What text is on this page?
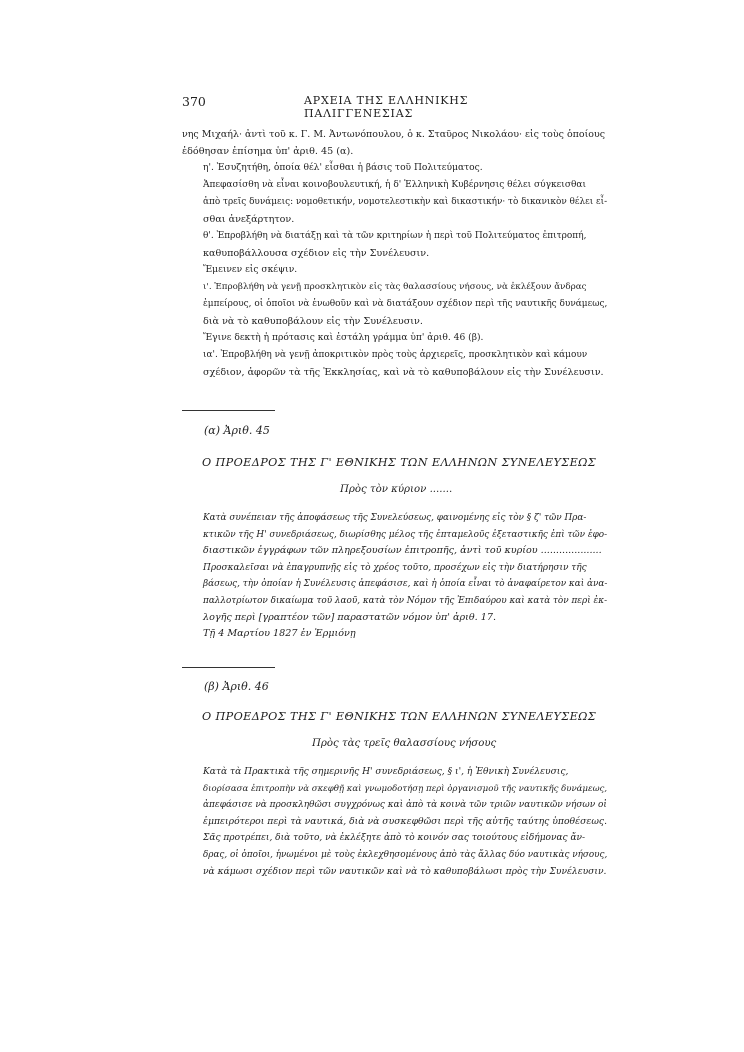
370	ΑΡΧΕΙΑ ΤΗΣ ΕΛΛΗΝΙΚΗΣ ΠΑΛΙΓΓΕΝΕΣΙΑΣ
νης Μιχαήλ· ἀντὶ τοῦ κ. Γ. Μ. Ἀντωνόπουλου, ὁ κ. Σταῦρος Νικολάου· εἰς τοὺς ὁποίους
ἐδόθησαν ἐπίσημα ὑπ' ἀριθ. 45 (α).
η'. Ἐσυζητήθη, ὁποία θέλ' εἶσθαι ἡ βάσις τοῦ Πολιτεύματος.
Ἀπεφασίσθη νὰ εἶναι κοινοβουλευτική, ἡ δ' Ἑλληνικὴ Κυβέρνησις θέλει σύγκεισθαι
ἀπὸ τρεῖς δυνάμεις: νομοθετικήν, νομοτελεστικὴν καὶ δικαστικήν· τὸ δικανικὸν θέλει εἶ-
σθαι ἀνεξάρτητον.
θ'. Ἐπροβλήθη νὰ διατάξῃ καὶ τὰ τῶν κριτηρίων ἡ περὶ τοῦ Πολιτεύματος ἐπιτροπή,
καθυποβάλλουσα σχέδιον εἰς τὴν Συνέλευσιν.
Ἔμεινεν εἰς σκέψιν.
ι'. Ἐπροβλήθη νὰ γενῇ προσκλητικὸν εἰς τὰς θαλασσίους νήσους, νὰ ἐκλέξουν ἄνδρας
ἐμπείρους, οἱ ὁποῖοι νὰ ἑνωθοῦν καὶ νὰ διατάξουν σχέδιον περὶ τῆς ναυτικῆς δυνάμεως,
διὰ νὰ τὸ καθυποβάλουν εἰς τὴν Συνέλευσιν.
Ἔγινε δεκτὴ ἡ πρότασις καὶ ἐστάλη γράμμα ὑπ' ἀριθ. 46 (β).
ια'. Ἐπροβλήθη νὰ γενῇ ἀποκριτικὸν πρὸς τοὺς ἀρχιερεῖς, προσκλητικὸν καὶ κάμουν
σχέδιον, ἀφορῶν τὰ τῆς Ἐκκλησίας, καὶ νὰ τὸ καθυποβάλουν εἰς τὴν Συνέλευσιν.
(α) Ἀριθ. 45
Ο ΠΡΟΕΔΡΟΣ ΤΗΣ Γ' ΕΘΝΙΚΗΣ ΤΩΝ ΕΛΛΗΝΩΝ ΣΥΝΕΛΕΥΣΕΩΣ
Πρὸς τὸν κύριον .......
Κατὰ συνέπειαν τῆς ἀποφάσεως τῆς Συνελεύσεως, φαινομένης εἰς τὸν § ζ' τῶν Πρα-
κτικῶν τῆς Η' συνεδριάσεως, διωρίσθης μέλος τῆς ἐπταμελοῦς ἐξεταστικῆς ἐπὶ τῶν ἐφο-
διαστικῶν ἐγγράφων τῶν πληρεξουσίων ἐπιτροπῆς, ἀντὶ τοῦ κυρίου ....................
Προσκαλεῖσαι νὰ ἐπαγρυπνῇς εἰς τὸ χρέος τοῦτο, προσέχων εἰς τὴν διατήρησιν τῆς
βάσεως, τὴν ὁποίαν ἡ Συνέλευσις ἀπεφάσισε, καὶ ἡ ὁποία εἶναι τὸ ἀναφαίρετον καὶ ἀνα-
παλλοτρίωτον δικαίωμα τοῦ λαοῦ, κατὰ τὸν Νόμον τῆς Ἐπιδαύρου καὶ κατὰ τὸν περὶ ἐκ-
λογῆς περὶ [γραπτέον τῶν] παραστατῶν νόμον ὑπ' ἀριθ. 17.
Τῇ 4 Μαρτίου 1827 ἐν Ἑρμιόνῃ
(β) Ἀριθ. 46
Ο ΠΡΟΕΔΡΟΣ ΤΗΣ Γ' ΕΘΝΙΚΗΣ ΤΩΝ ΕΛΛΗΝΩΝ ΣΥΝΕΛΕΥΣΕΩΣ
Πρὸς τὰς τρεῖς θαλασσίους νήσους
Κατὰ τὰ Πρακτικὰ τῆς σημερινῆς Η' συνεδριάσεως, § ι', ἡ Ἐθνικὴ Συνέλευσις,
διορίσασα ἐπιτροπὴν νὰ σκεφθῇ καὶ γνωμοδοτήσῃ περὶ ὀργανισμοῦ τῆς ναυτικῆς δυνάμεως,
ἀπεφάσισε νὰ προσκληθῶσι συγχρόνως καὶ ἀπὸ τὰ κοινὰ τῶν τριῶν ναυτικῶν νήσων οἱ
ἐμπειρότεροι περὶ τὰ ναυτικά, διὰ νὰ συσκεφθῶσι περὶ τῆς αὐτῆς ταύτης ὑποθέσεως.
Σᾶς προτρέπει, διὰ τοῦτο, νὰ ἐκλέξητε ἀπὸ τὸ κοινόν σας τοιούτους εἰδήμονας ἄν-
δρας, οἱ ὁποῖοι, ἡνωμένοι μὲ τοὺς ἐκλεχθησομένους ἀπὸ τὰς ἄλλας δύο ναυτικὰς νήσους,
νὰ κάμωσι σχέδιον περὶ τῶν ναυτικῶν καὶ νὰ τὸ καθυποβάλωσι πρὸς τὴν Συνέλευσιν.
